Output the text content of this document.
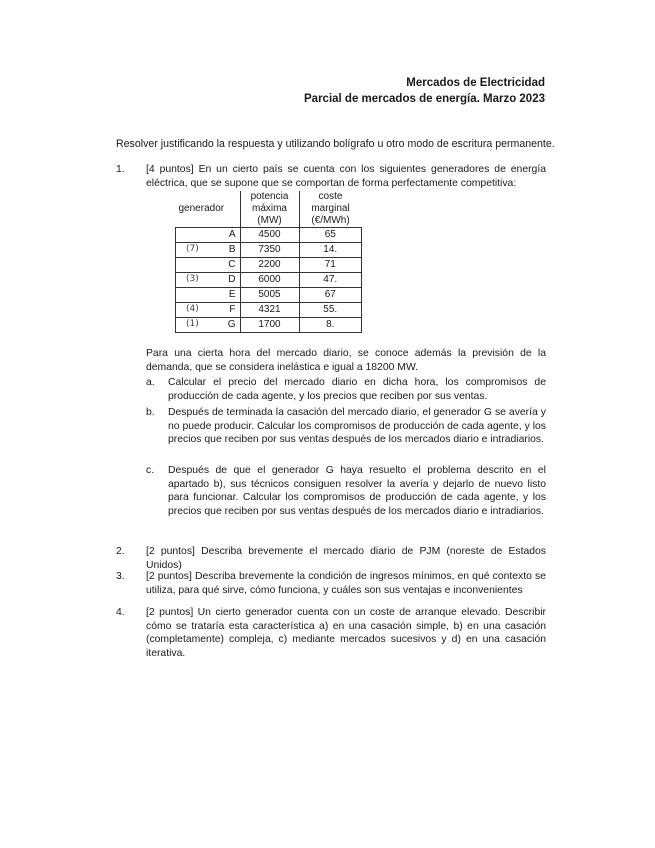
Mercados de Electricidad
Parcial de mercados de energía. Marzo 2023
Resolver justificando la respuesta y utilizando bolígrafo u otro modo de escritura permanente.
1.	[4 puntos] En un cierto país se cuenta con los siguientes generadores de energía eléctrica, que se supone que se comportan de forma perfectamente competitiva:
	potencia	coste
generador	máxima	marginal
	(MW)	(€/MWh)

A	4500	65

(7) B	7350	14.

C	2200	71

(3) D	6000	47.

E	5005	67

(4) F	4321	55.

(1) G	1700	8.
Para una cierta hora del mercado diario, se conoce además la previsión de la demanda, que se considera inelástica e igual a 18200 MW.
a.	Calcular el precio del mercado diario en dicha hora, los compromisos de producción de cada agente, y los precios que reciben por sus ventas.
b.	Después de terminada la casación del mercado diario, el generador G se avería y no puede producir. Calcular los compromisos de producción de cada agente, y los precios que reciben por sus ventas después de los mercados diario e intradiarios.
c.	Después de que el generador G haya resuelto el problema descrito en el apartado b), sus técnicos consiguen resolver la avería y dejarlo de nuevo listo para funcionar. Calcular los compromisos de producción de cada agente, y los precios que reciben por sus ventas después de los mercados diario e intradiarios.
2.	[2 puntos] Describa brevemente el mercado diario de PJM (noreste de Estados Unidos)
3.	[2 puntos] Describa brevemente la condición de ingresos mínimos, en qué contexto se utiliza, para qué sirve, cómo funciona, y cuáles son sus ventajas e inconvenientes
4.	[2 puntos] Un cierto generador cuenta con un coste de arranque elevado. Describir cómo se trataría esta característica a) en una casación simple, b) en una casación (completamente) compleja, c) mediante mercados sucesivos y d) en una casación iterativa.
